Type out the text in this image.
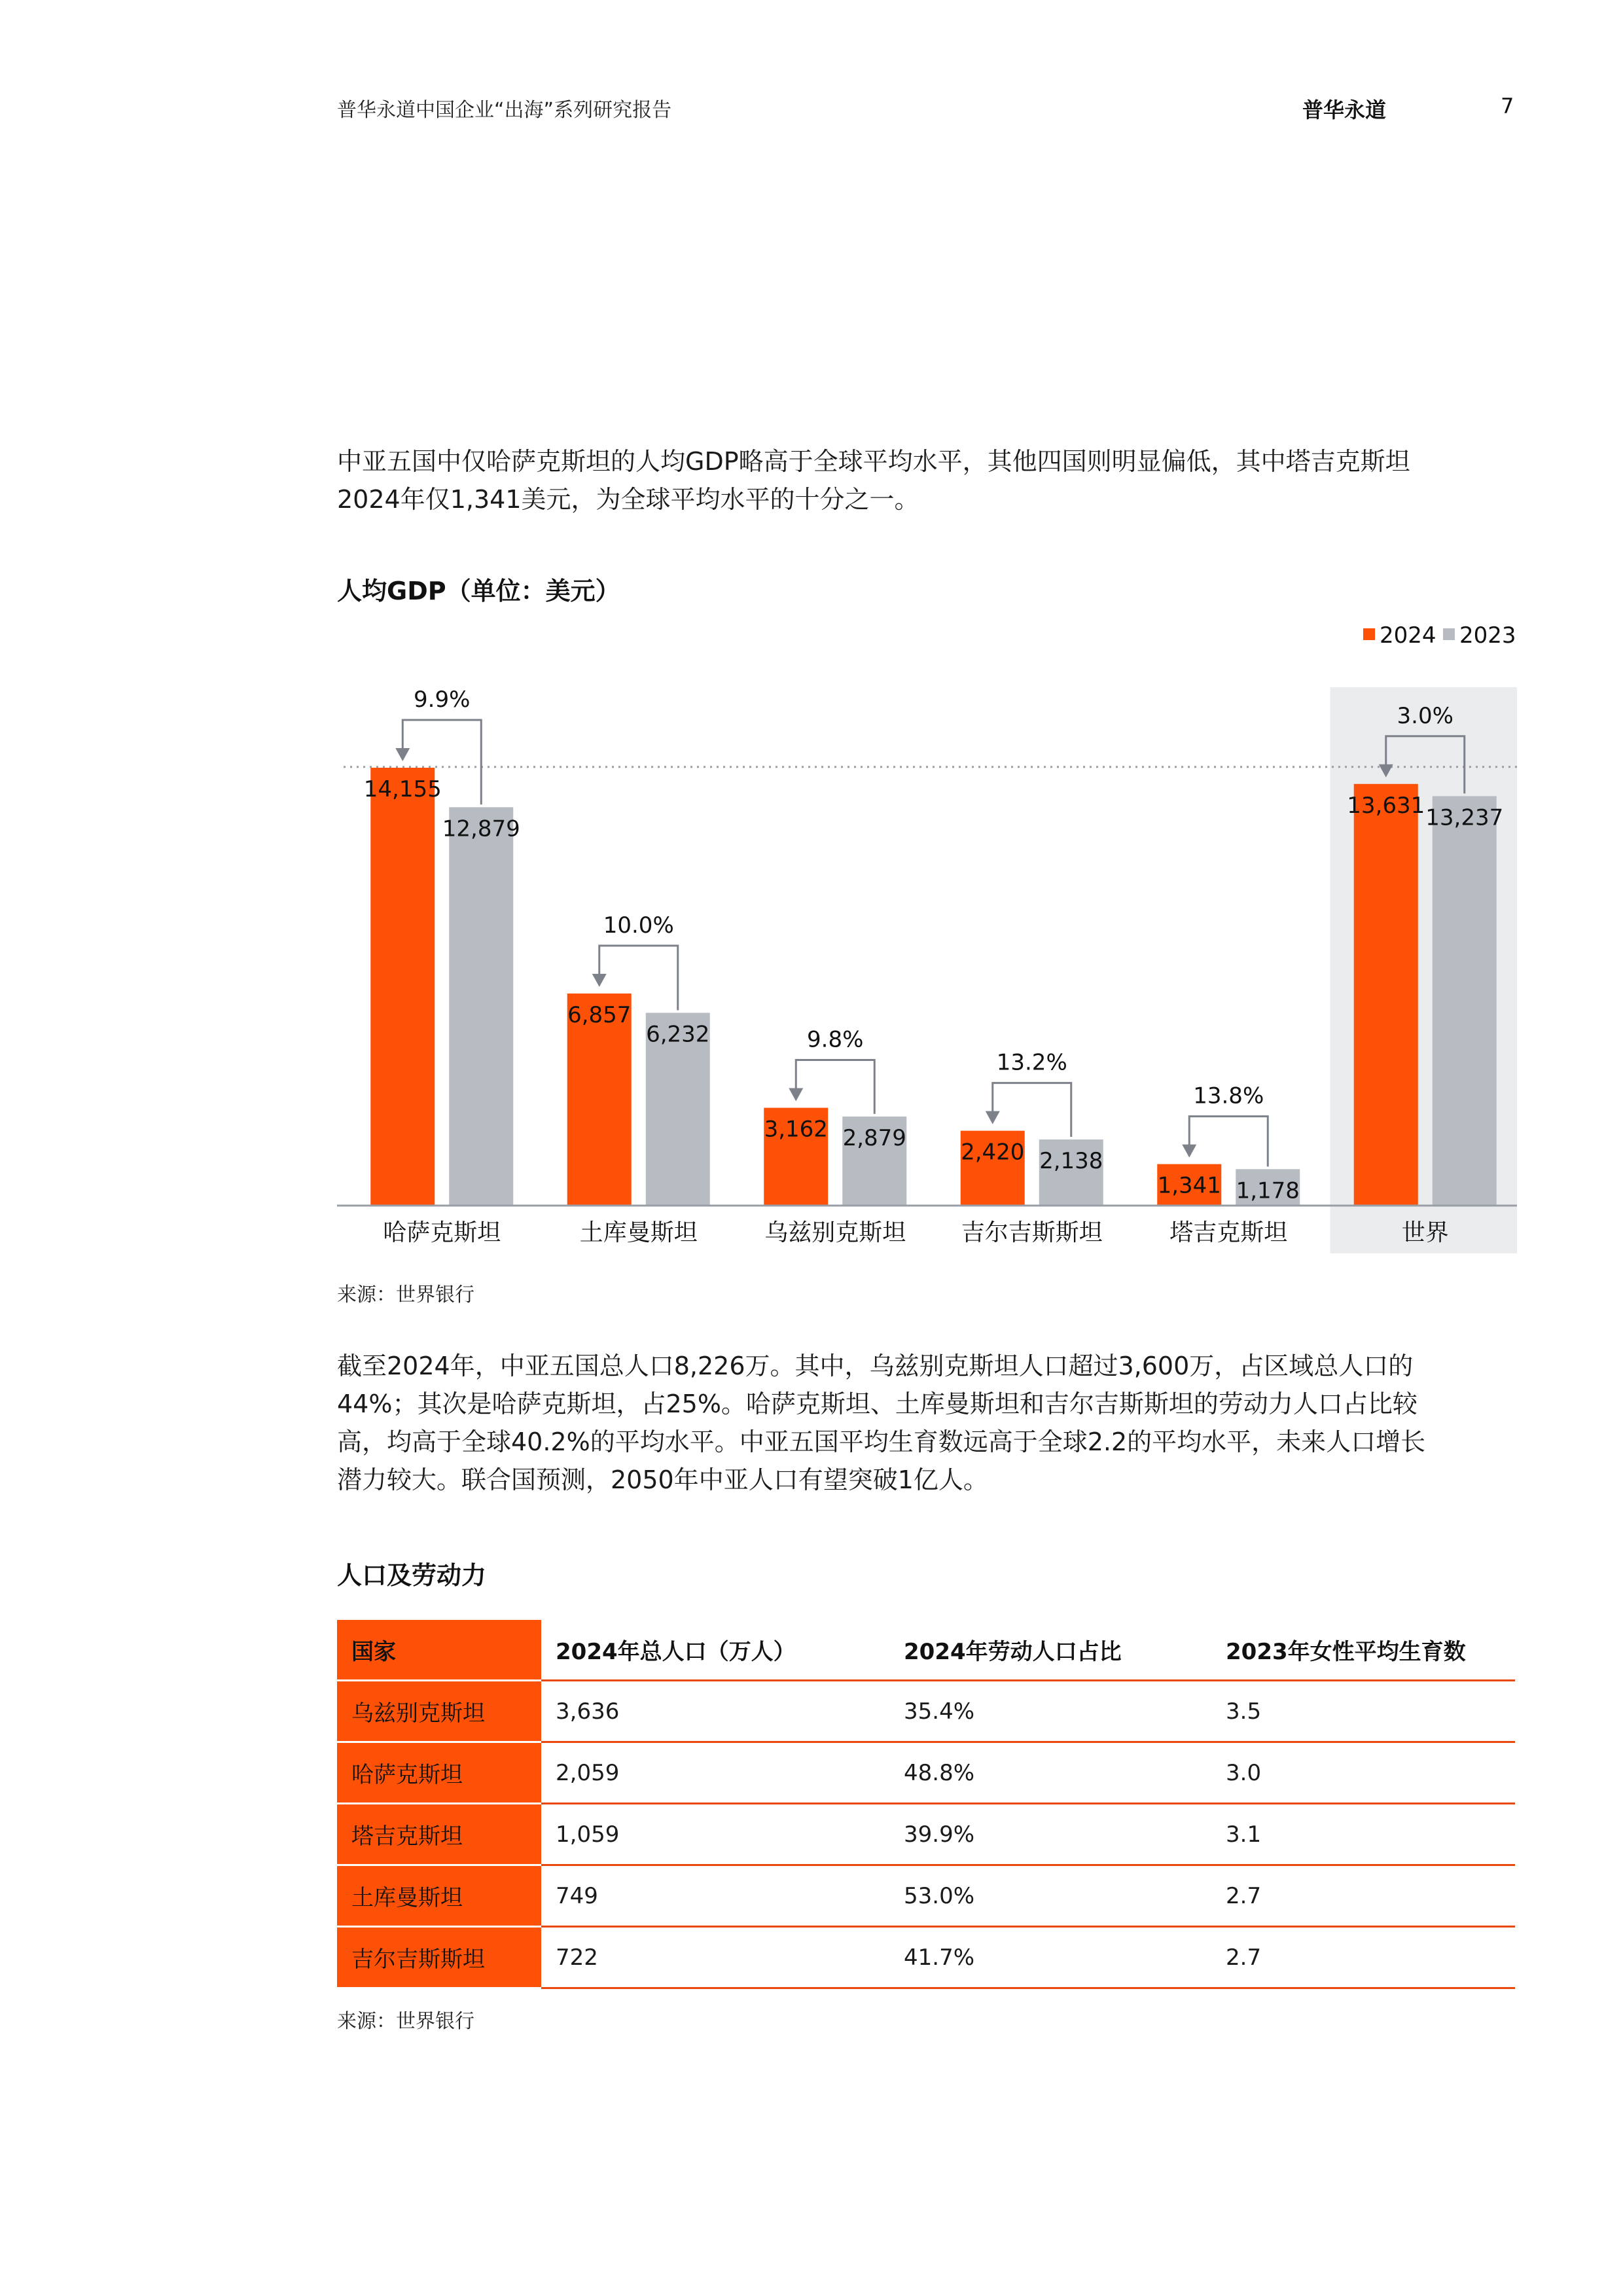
普华永道中国企业“出海”系列研究报告	普华永道	7
中亚五国中仅哈萨克斯坦的人均GDP略高于全球平均水平，其他四国则明显偏低，其中塔吉克斯坦
2024年仅1,341美元，为全球平均水平的十分之一。
人均GDP（单位：美元）
2024 2023
14,155
12,879
9.9%
哈萨克斯坦
6,857
6,232
10.0%
土库曼斯坦
3,162 2,879
9.8%
乌兹别克斯坦
2,420 2,138
13.2%
吉尔吉斯斯坦
1,341 1,178
13.8%
塔吉克斯坦
13,631 13,237
3.0%
世界
来源：世界银行
截至2024年，中亚五国总人口8,226万。其中，乌兹别克斯坦人口超过3,600万，占区域总人口的
44%；其次是哈萨克斯坦，占25%。哈萨克斯坦、土库曼斯坦和吉尔吉斯斯坦的劳动力人口占比较
高，均高于全球40.2%的平均水平。中亚五国平均生育数远高于全球2.2的平均水平，未来人口增长
潜力较大。联合国预测，2050年中亚人口有望突破1亿人。
人口及劳动力
国家	2024年总人口（万人）	2024年劳动人口占比	2023年女性平均生育数
乌兹别克斯坦	3,636	35.4%	3.5
哈萨克斯坦	2,059	48.8%	3.0
塔吉克斯坦	1,059	39.9%	3.1
土库曼斯坦	749	53.0%	2.7
吉尔吉斯斯坦	722	41.7%	2.7
来源：世界银行
